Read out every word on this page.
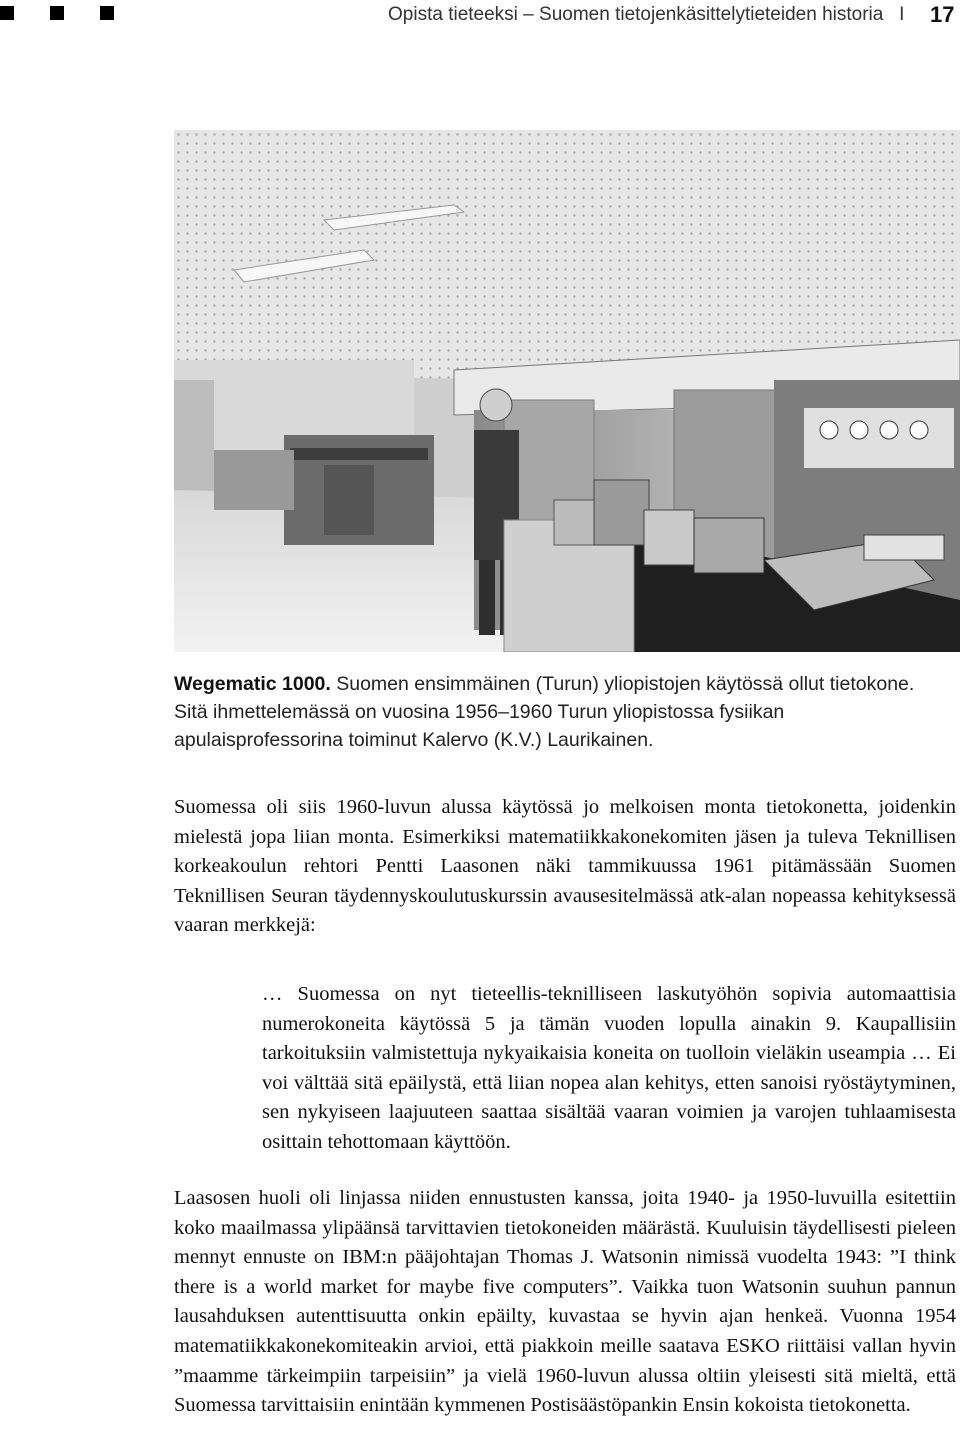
Opista tieteeksi – Suomen tietojenkäsittelytieteiden historia I 17
Wegematic 1000. Suomen ensimmäinen (Turun) yliopistojen käytössä ollut tietokone. Sitä ihmettelemässä on vuosina 1956–1960 Turun yliopistossa fysiikan apulaisprofessorina toiminut Kalervo (K.V.) Laurikainen.

Suomessa oli siis 1960-luvun alussa käytössä jo melkoisen monta tietokonetta, joidenkin mielestä jopa liian monta. Esimerkiksi matematiikkakonekomiten jäsen ja tuleva Teknillisen korkeakoulun rehtori Pentti Laasonen näki tammikuussa 1961 pitämässään Suomen Teknillisen Seuran täydennyskoulutuskurssin avausesitelmässä atk-alan nopeassa kehityksessä vaaran merkkejä:

… Suomessa on nyt tieteellis-teknilliseen laskutyöhön sopivia automaattisia numerokoneita käytössä 5 ja tämän vuoden lopulla ainakin 9. Kaupallisiin tarkoituksiin valmistettuja nykyaikaisia koneita on tuolloin vieläkin useampia … Ei voi välttää sitä epäilystä, että liian nopea alan kehitys, etten sanoisi ryöstäytyminen, sen nykyiseen laajuuteen saattaa sisältää vaaran voimien ja varojen tuhlaamisesta osittain tehottomaan käyttöön.

Laasosen huoli oli linjassa niiden ennustusten kanssa, joita 1940- ja 1950-luvuilla esitettiin koko maailmassa ylipäänsä tarvittavien tietokoneiden määrästä. Kuuluisin täydellisesti pieleen mennyt ennuste on IBM:n pääjohtajan Thomas J. Watsonin nimissä vuodelta 1943: ”I think there is a world market for maybe five computers”. Vaikka tuon Watsonin suuhun pannun lausahduksen autenttisuutta onkin epäilty, kuvastaa se hyvin ajan henkeä. Vuonna 1954 matematiikkakonekomiteakin arvioi, että piakkoin meille saatava ESKO riittäisi vallan hyvin ”maamme tärkeimpiin tarpeisiin” ja vielä 1960-luvun alussa oltiin yleisesti sitä mieltä, että Suomessa tarvittaisiin enintään kymmenen Postisäästöpankin Ensin kokoista tietokonetta.
